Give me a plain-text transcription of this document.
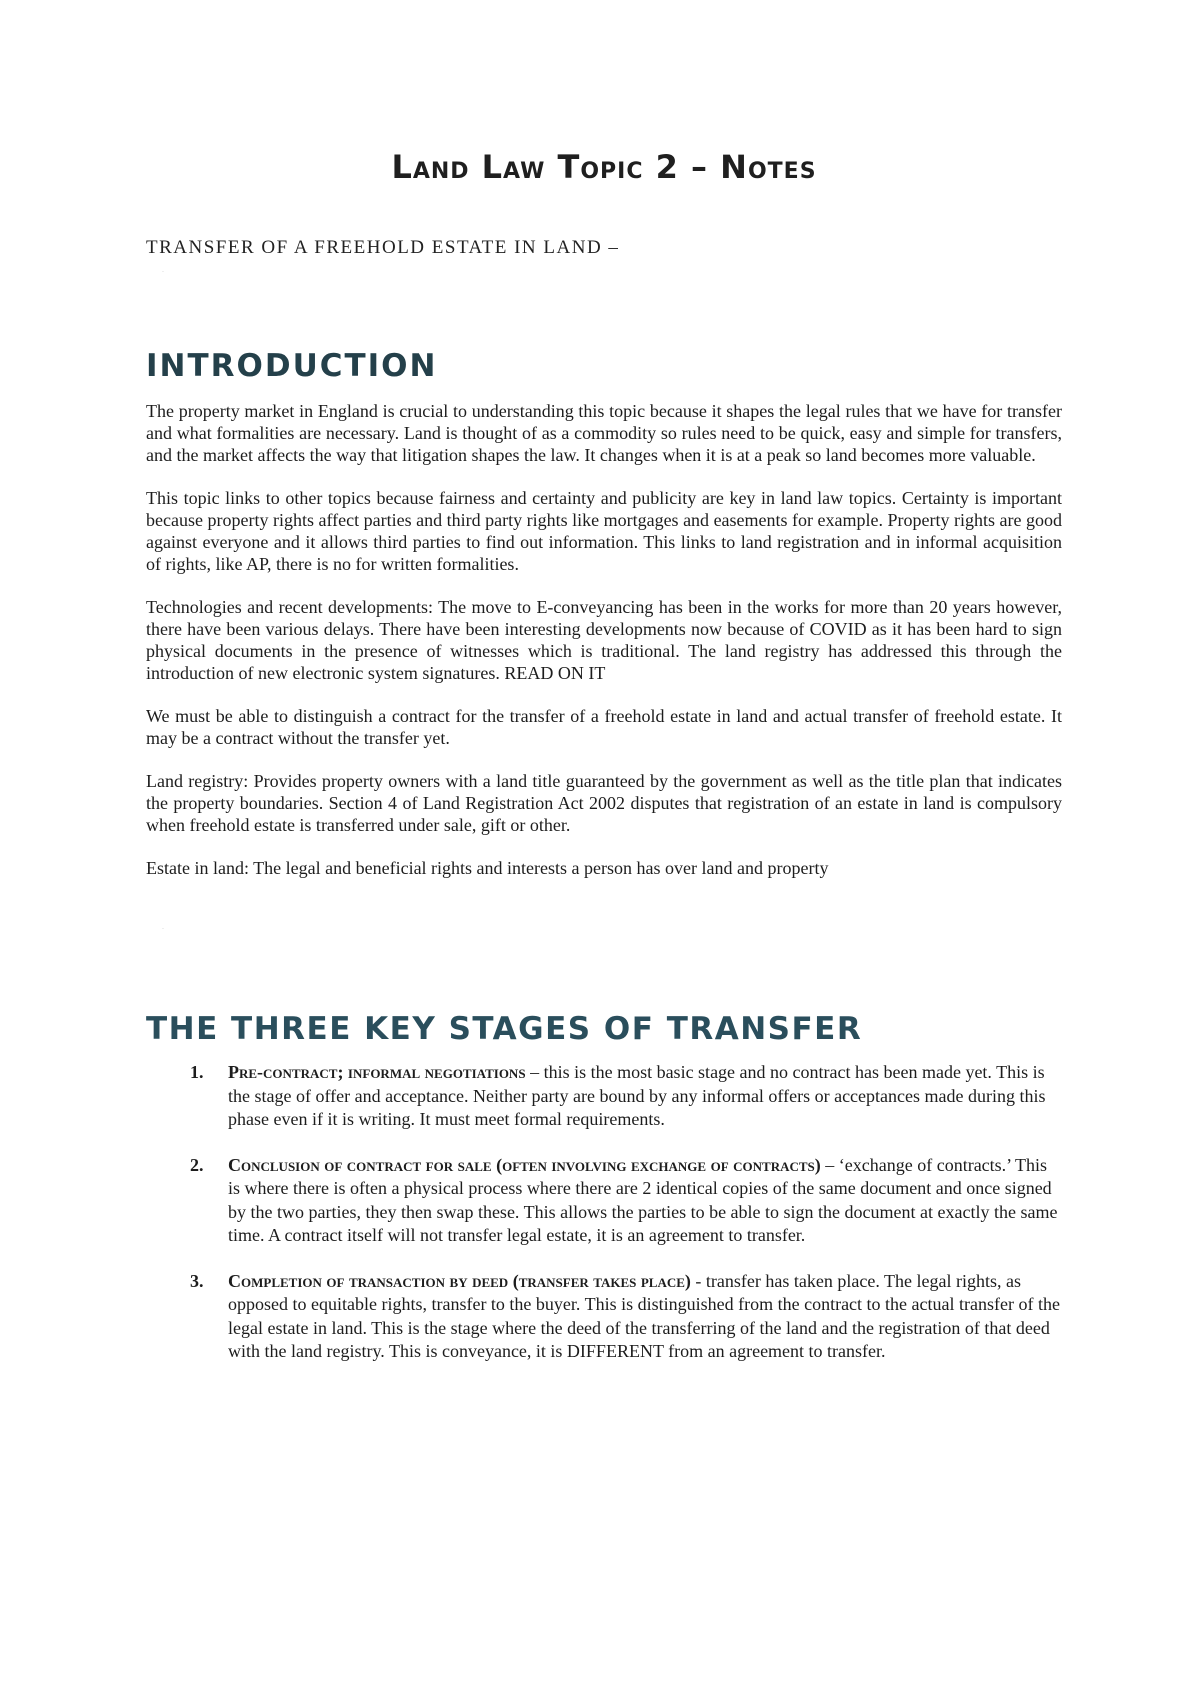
Land Law Topic 2 – Notes
TRANSFER OF A FREEHOLD ESTATE IN LAND –
·
INTRODUCTION

The property market in England is crucial to understanding this topic because it shapes the legal rules that we have for transfer and what formalities are necessary. Land is thought of as a commodity so rules need to be quick, easy and simple for transfers, and the market affects the way that litigation shapes the law. It changes when it is at a peak so land becomes more valuable.

This topic links to other topics because fairness and certainty and publicity are key in land law topics. Certainty is important because property rights affect parties and third party rights like mortgages and easements for example. Property rights are good against everyone and it allows third parties to find out information. This links to land registration and in informal acquisition of rights, like AP, there is no for written formalities.

Technologies and recent developments: The move to E-conveyancing has been in the works for more than 20 years however, there have been various delays. There have been interesting developments now because of COVID as it has been hard to sign physical documents in the presence of witnesses which is traditional. The land registry has addressed this through the introduction of new electronic system signatures. READ ON IT

We must be able to distinguish a contract for the transfer of a freehold estate in land and actual transfer of freehold estate. It may be a contract without the transfer yet.

Land registry: Provides property owners with a land title guaranteed by the government as well as the title plan that indicates the property boundaries. Section 4 of Land Registration Act 2002 disputes that registration of an estate in land is compulsory when freehold estate is transferred under sale, gift or other.

Estate in land: The legal and beneficial rights and interests a person has over land and property

·
THE THREE KEY STAGES OF TRANSFER
1. Pre-contract; informal negotiations – this is the most basic stage and no contract has been made yet. This is the stage of offer and acceptance. Neither party are bound by any informal offers or acceptances made during this phase even if it is writing. It must meet formal requirements.
2. Conclusion of contract for sale (often involving exchange of contracts) – ‘exchange of contracts.’ This is where there is often a physical process where there are 2 identical copies of the same document and once signed by the two parties, they then swap these. This allows the parties to be able to sign the document at exactly the same time. A contract itself will not transfer legal estate, it is an agreement to transfer.
3. Completion of transaction by deed (transfer takes place) - transfer has taken place. The legal rights, as opposed to equitable rights, transfer to the buyer. This is distinguished from the contract to the actual transfer of the legal estate in land. This is the stage where the deed of the transferring of the land and the registration of that deed with the land registry. This is conveyance, it is DIFFERENT from an agreement to transfer.
